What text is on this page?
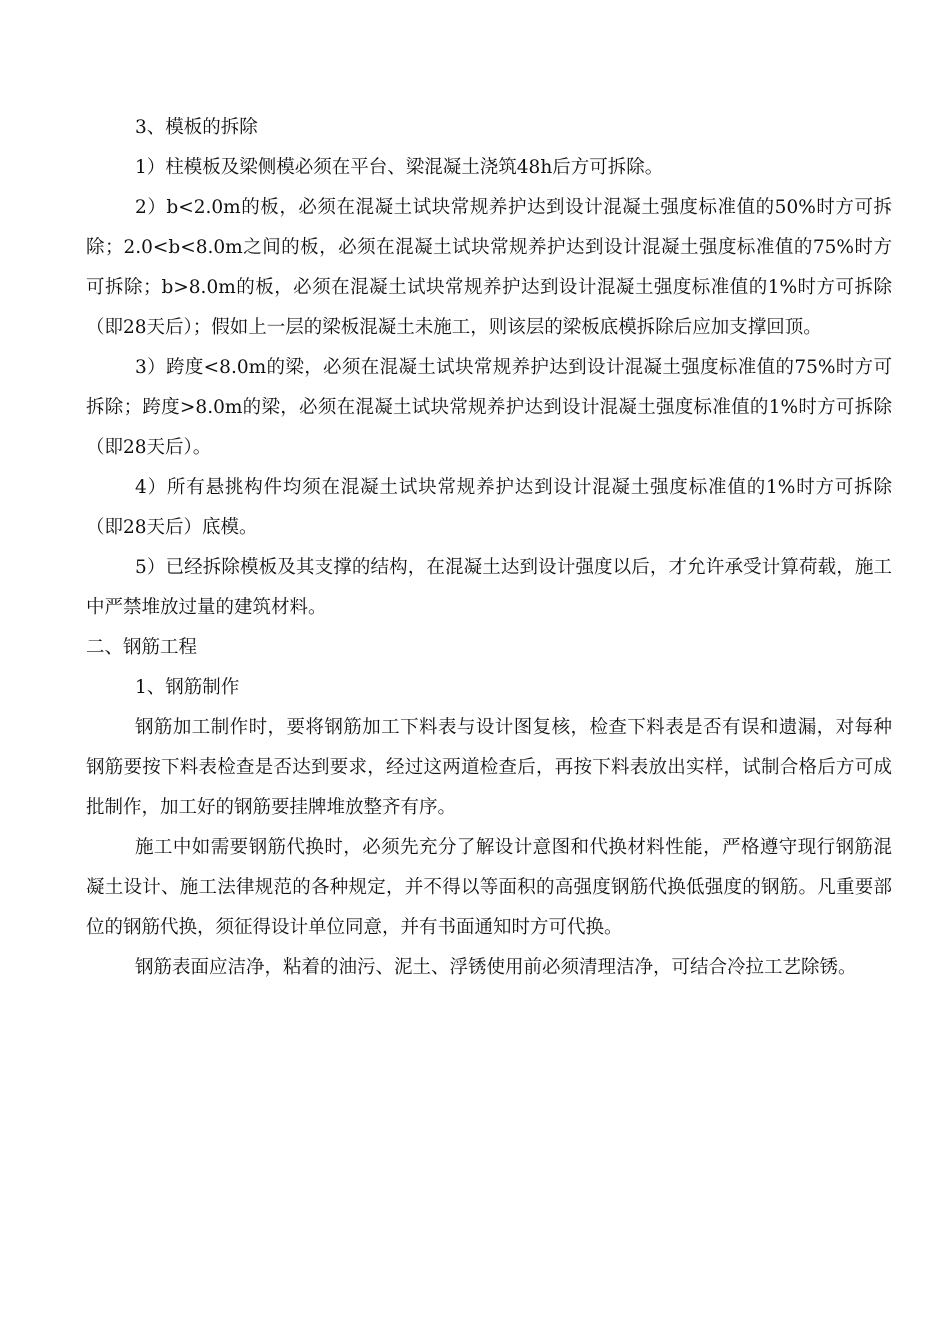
3、模板的拆除

1）柱模板及梁侧模必须在平台、梁混凝土浇筑48h后方可拆除。

2）b<2.0m的板，必须在混凝土试块常规养护达到设计混凝土强度标准值的50%时方可拆除；2.0<b<8.0m之间的板，必须在混凝土试块常规养护达到设计混凝土强度标准值的75%时方可拆除；b>8.0m的板，必须在混凝土试块常规养护达到设计混凝土强度标准值的1%时方可拆除（即28天后）；假如上一层的梁板混凝土未施工，则该层的梁板底模拆除后应加支撑回顶。

3）跨度<8.0m的梁，必须在混凝土试块常规养护达到设计混凝土强度标准值的75%时方可拆除；跨度>8.0m的梁，必须在混凝土试块常规养护达到设计混凝土强度标准值的1%时方可拆除（即28天后）。

4）所有悬挑构件均须在混凝土试块常规养护达到设计混凝土强度标准值的1%时方可拆除（即28天后）底模。

5）已经拆除模板及其支撑的结构，在混凝土达到设计强度以后，才允许承受计算荷载，施工中严禁堆放过量的建筑材料。

二、钢筋工程

1、钢筋制作

钢筋加工制作时，要将钢筋加工下料表与设计图复核，检查下料表是否有误和遗漏，对每种钢筋要按下料表检查是否达到要求，经过这两道检查后，再按下料表放出实样，试制合格后方可成批制作，加工好的钢筋要挂牌堆放整齐有序。

施工中如需要钢筋代换时，必须先充分了解设计意图和代换材料性能，严格遵守现行钢筋混凝土设计、施工法律规范的各种规定，并不得以等面积的高强度钢筋代换低强度的钢筋。凡重要部位的钢筋代换，须征得设计单位同意，并有书面通知时方可代换。

钢筋表面应洁净，粘着的油污、泥土、浮锈使用前必须清理洁净，可结合冷拉工艺除锈。
